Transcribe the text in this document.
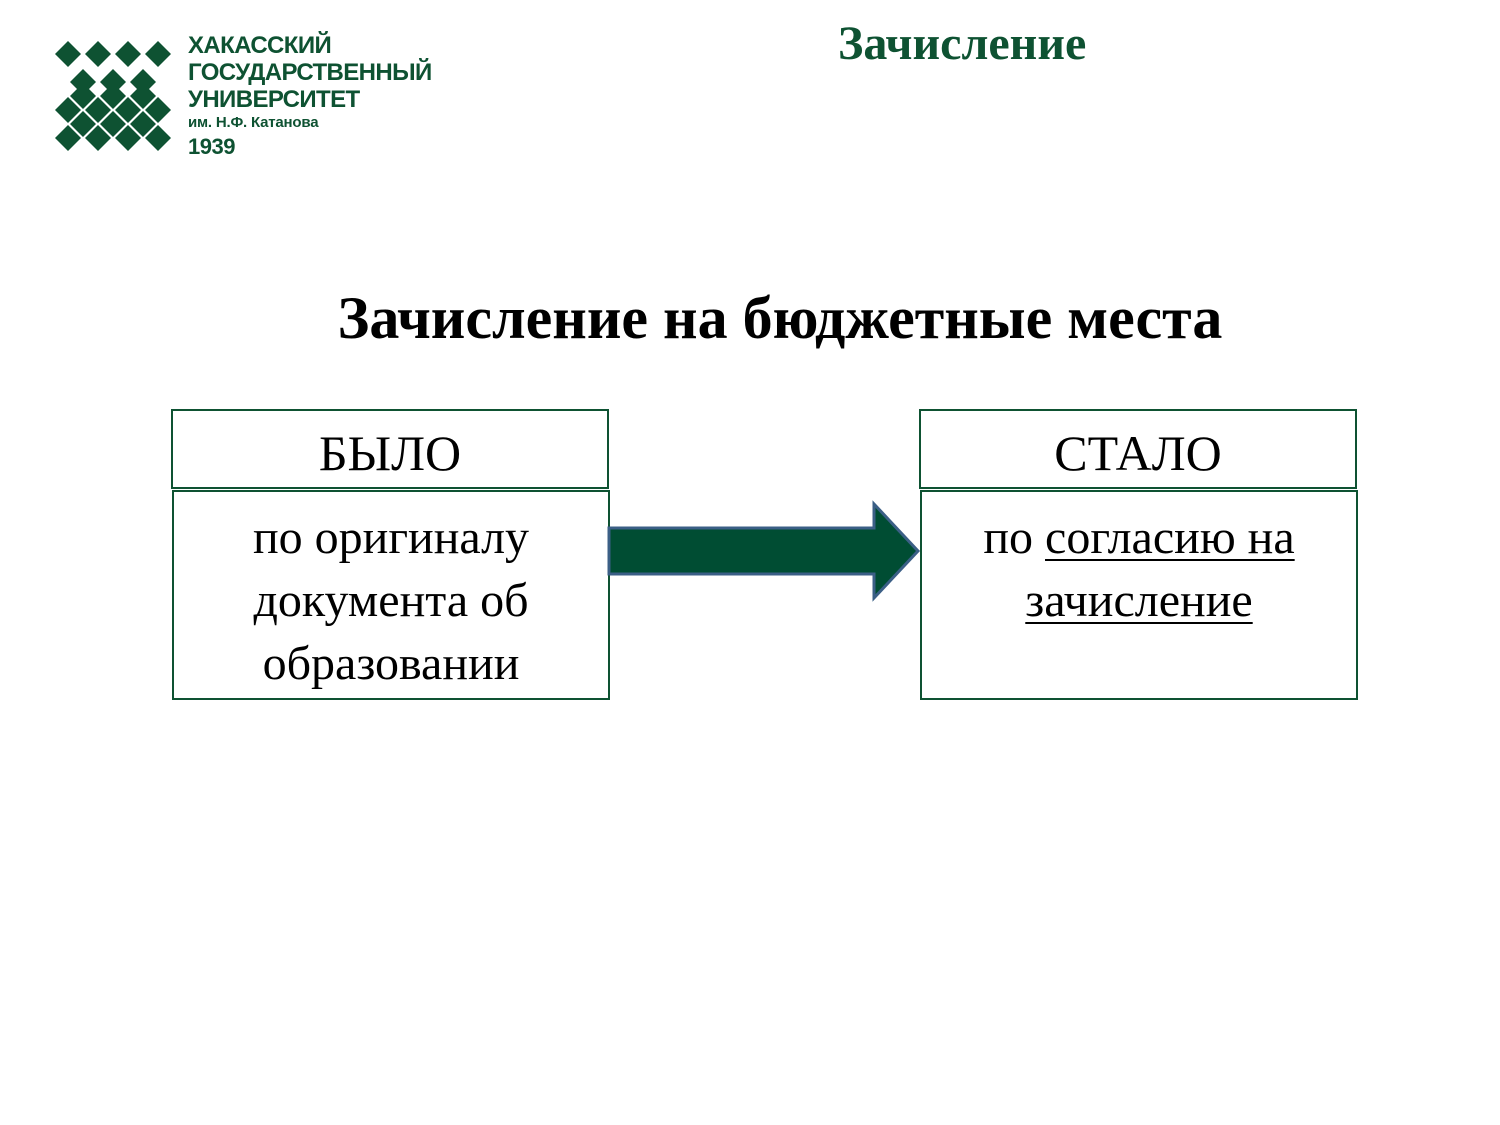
ХАКАССКИЙ
ГОСУДАРСТВЕННЫЙ
УНИВЕРСИТЕТ
им. Н.Ф. Катанова
1939
Зачисление
Зачисление на бюджетные места
БЫЛО
по оригиналу
документа об
образовании
СТАЛО
по согласию на
зачисление
